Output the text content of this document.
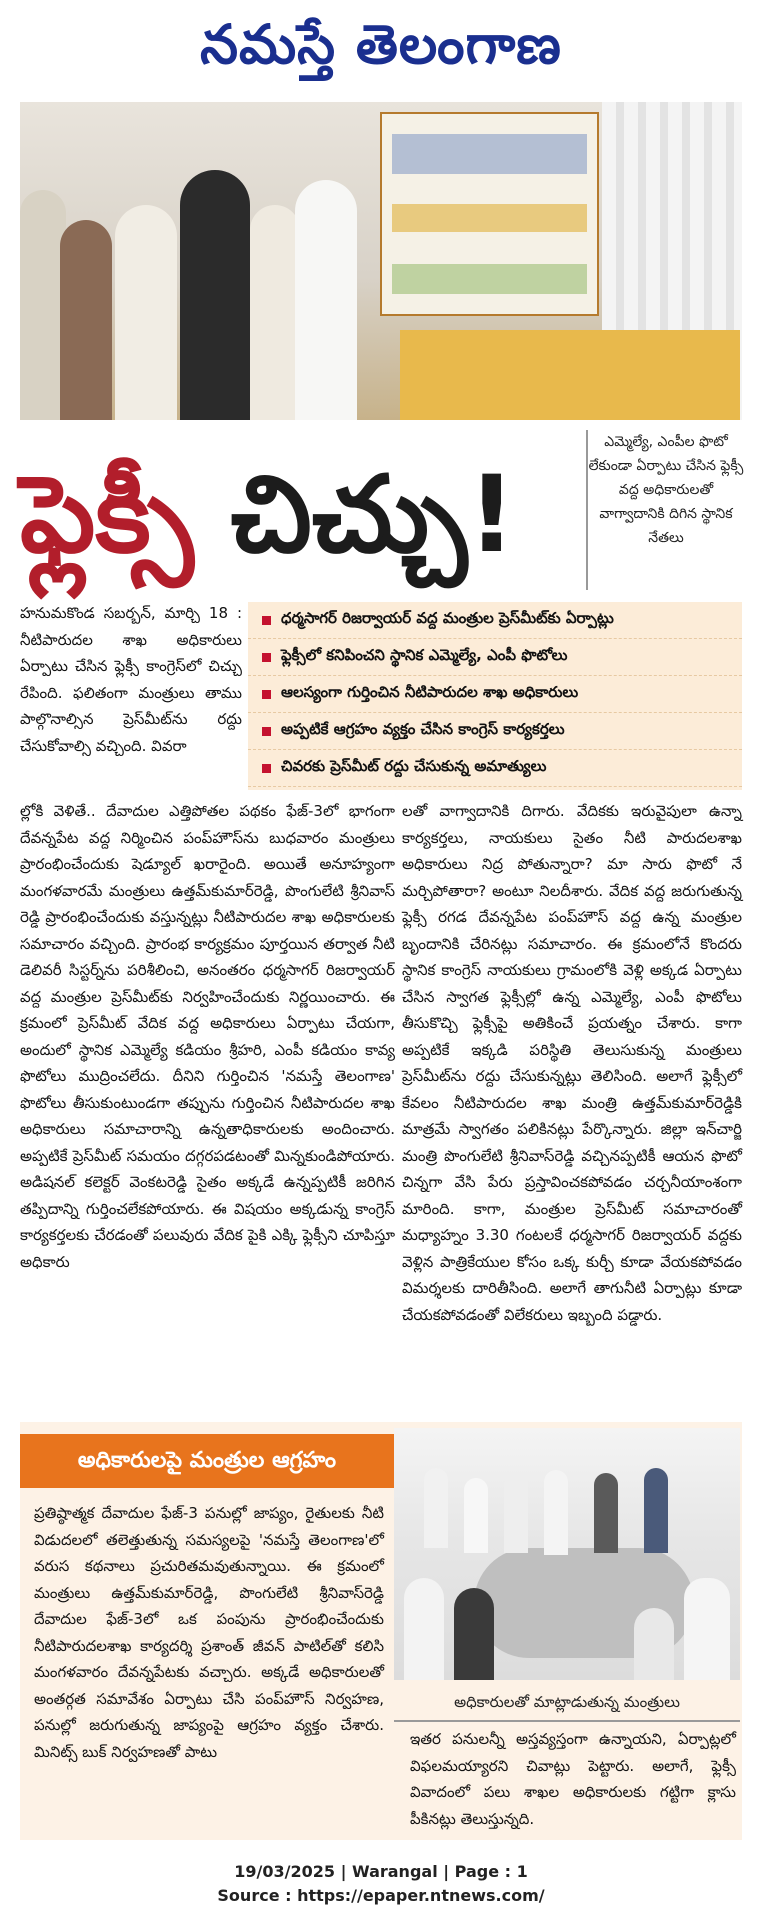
నమస్తే తెలంగాణ
ఎమ్మెల్యే, ఎంపీల ఫొటో లేకుండా ఏర్పాటు చేసిన ఫ్లెక్సీ వద్ద అధికారులతో వాగ్వాదానికి దిగిన స్థానిక నేతలు
ఫ్లెక్సీ చిచ్చు!
ధర్మసాగర్ రిజర్వాయర్ వద్ద మంత్రుల ప్రెస్‌మీట్‌కు ఏర్పాట్లు
ఫ్లెక్సీలో కనిపించని స్థానిక ఎమ్మెల్యే, ఎంపీ ఫొటోలు
ఆలస్యంగా గుర్తించిన నీటిపారుదల శాఖ అధికారులు
అప్పటికే ఆగ్రహం వ్యక్తం చేసిన కాంగ్రెస్ కార్యకర్తలు
చివరకు ప్రెస్‌మీట్ రద్దు చేసుకున్న అమాత్యులు

హనుమకొండ సబర్బన్, మార్చి 18 : నీటిపారుదల శాఖ అధికారులు ఏర్పాటు చేసిన ఫ్లెక్సీ కాంగ్రెస్‌లో చిచ్చు రేపింది. ఫలితంగా మంత్రులు తాము పాల్గొనాల్సిన ప్రెస్‌మీట్‌ను రద్దు చేసుకోవాల్సి వచ్చింది. వివరా

ల్లోకి వెళితే.. దేవాదుల ఎత్తిపోతల పథకం ఫేజ్-3లో భాగంగా దేవన్నపేట వద్ద నిర్మించిన పంప్‌హౌస్‌ను బుధవారం మంత్రులు ప్రారంభించేందుకు షెడ్యూల్ ఖరారైంది. అయితే అనూహ్యంగా మంగళవారమే మంత్రులు ఉత్తమ్‌కుమార్‌రెడ్డి, పొంగులేటి శ్రీనివాస్ రెడ్డి ప్రారంభించేందుకు వస్తున్నట్లు నీటిపారుదల శాఖ అధికారులకు సమాచారం వచ్చింది. ప్రారంభ కార్యక్రమం పూర్తయిన తర్వాత నీటి డెలివరీ సిస్టర్న్‌ను పరిశీలించి, అనంతరం ధర్మసాగర్ రిజర్వాయర్ వద్ద మంత్రుల ప్రెస్‌మీట్‌కు నిర్వహించేందుకు నిర్ణయించారు. ఈ క్రమంలో ప్రెస్‌మీట్ వేదిక వద్ద అధికారులు ఏర్పాటు చేయగా, అందులో స్థానిక ఎమ్మెల్యే కడియం శ్రీహరి, ఎంపీ కడియం కావ్య ఫొటోలు ముద్రించలేదు. దీనిని గుర్తించిన 'నమస్తే తెలంగాణ' ఫొటోలు తీసుకుంటుండగా తప్పును గుర్తించిన నీటిపారుదల శాఖ అధికారులు సమాచారాన్ని ఉన్నతాధికారులకు అందించారు. అప్పటికే ప్రెస్‌మీట్ సమయం దగ్గరపడటంతో మిన్నకుండిపోయారు. అడిషనల్ కలెక్టర్ వెంకటరెడ్డి సైతం అక్కడే ఉన్నప్పటికీ జరిగిన తప్పిదాన్ని గుర్తించలేకపోయారు. ఈ విషయం అక్కడున్న కాంగ్రెస్ కార్యకర్తలకు చేరడంతో పలువురు వేదిక పైకి ఎక్కి ఫ్లెక్సీని చూపిస్తూ అధికారు

లతో వాగ్వాదానికి దిగారు. వేదికకు ఇరువైపులా ఉన్నా కార్యకర్తలు, నాయకులు సైతం నీటి పారుదలశాఖ అధికారులు నిద్ర పోతున్నారా? మా సారు ఫొటో నే మర్చిపోతారా? అంటూ నిలదీశారు. వేదిక వద్ద జరుగుతున్న ఫ్లెక్సీ రగడ దేవన్నపేట పంప్‌హౌస్ వద్ద ఉన్న మంత్రుల బృందానికి చేరినట్లు సమాచారం. ఈ క్రమంలోనే కొందరు స్థానిక కాంగ్రెస్ నాయకులు గ్రామంలోకి వెళ్లి అక్కడ ఏర్పాటు చేసిన స్వాగత ఫ్లెక్సీల్లో ఉన్న ఎమ్మెల్యే, ఎంపీ ఫొటోలు తీసుకొచ్చి ఫ్లెక్సీపై అతికించే ప్రయత్నం చేశారు. కాగా అప్పటికే ఇక్కడి పరిస్థితి తెలుసుకున్న మంత్రులు ప్రెస్‌మీట్‌ను రద్దు చేసుకున్నట్లు తెలిసింది. అలాగే ఫ్లెక్సీలో కేవలం నీటిపారుదల శాఖ మంత్రి ఉత్తమ్‌కుమార్‌రెడ్డికి మాత్రమే స్వాగతం పలికినట్లు పేర్కొన్నారు. జిల్లా ఇన్‌చార్జి మంత్రి పొంగులేటి శ్రీనివాస్‌రెడ్డి వచ్చినప్పటికీ ఆయన ఫొటో చిన్నగా వేసి పేరు ప్రస్తావించకపోవడం చర్చనీయాంశంగా మారింది. కాగా, మంత్రుల ప్రెస్‌మీట్ సమాచారంతో మధ్యాహ్నం 3.30 గంటలకే ధర్మసాగర్ రిజర్వాయర్ వద్దకు వెళ్లిన పాత్రికేయుల కోసం ఒక్క కుర్చీ కూడా వేయకపోవడం విమర్శలకు దారితీసింది. అలాగే తాగునీటి ఏర్పాట్లు కూడా చేయకపోవడంతో విలేకరులు ఇబ్బంది పడ్డారు.

అధికారులపై మంత్రుల ఆగ్రహం
అధికారులతో మాట్లాడుతున్న మంత్రులు

ప్రతిష్ఠాత్మక దేవాదుల ఫేజ్-3 పనుల్లో జాప్యం, రైతులకు నీటి విడుదలలో తలెత్తుతున్న సమస్యలపై 'నమస్తే తెలంగాణ'లో వరుస కథనాలు ప్రచురితమవుతున్నాయి. ఈ క్రమంలో మంత్రులు ఉత్తమ్‌కుమార్‌రెడ్డి, పొంగులేటి శ్రీనివాస్‌రెడ్డి దేవాదుల ఫేజ్-3లో ఒక పంపును ప్రారంభించేందుకు నీటిపారుదలశాఖ కార్యదర్శి ప్రశాంత్ జీవన్ పాటిల్‌తో కలిసి మంగళవారం దేవన్నపేటకు వచ్చారు. అక్కడే అధికారులతో అంతర్గత సమావేశం ఏర్పాటు చేసి పంప్‌హౌస్ నిర్వహణ, పనుల్లో జరుగుతున్న జాప్యంపై ఆగ్రహం వ్యక్తం చేశారు. మినిట్స్ బుక్ నిర్వహణతో పాటు

ఇతర పనులన్నీ అస్తవ్యస్తంగా ఉన్నాయని, ఏర్పాట్లలో విఫలమయ్యారని చివాట్లు పెట్టారు. అలాగే, ఫ్లెక్సీ వివాదంలో పలు శాఖల అధికారులకు గట్టిగా క్లాసు పీకినట్లు తెలుస్తున్నది.

19/03/2025 | Warangal | Page : 1
Source : https://epaper.ntnews.com/
